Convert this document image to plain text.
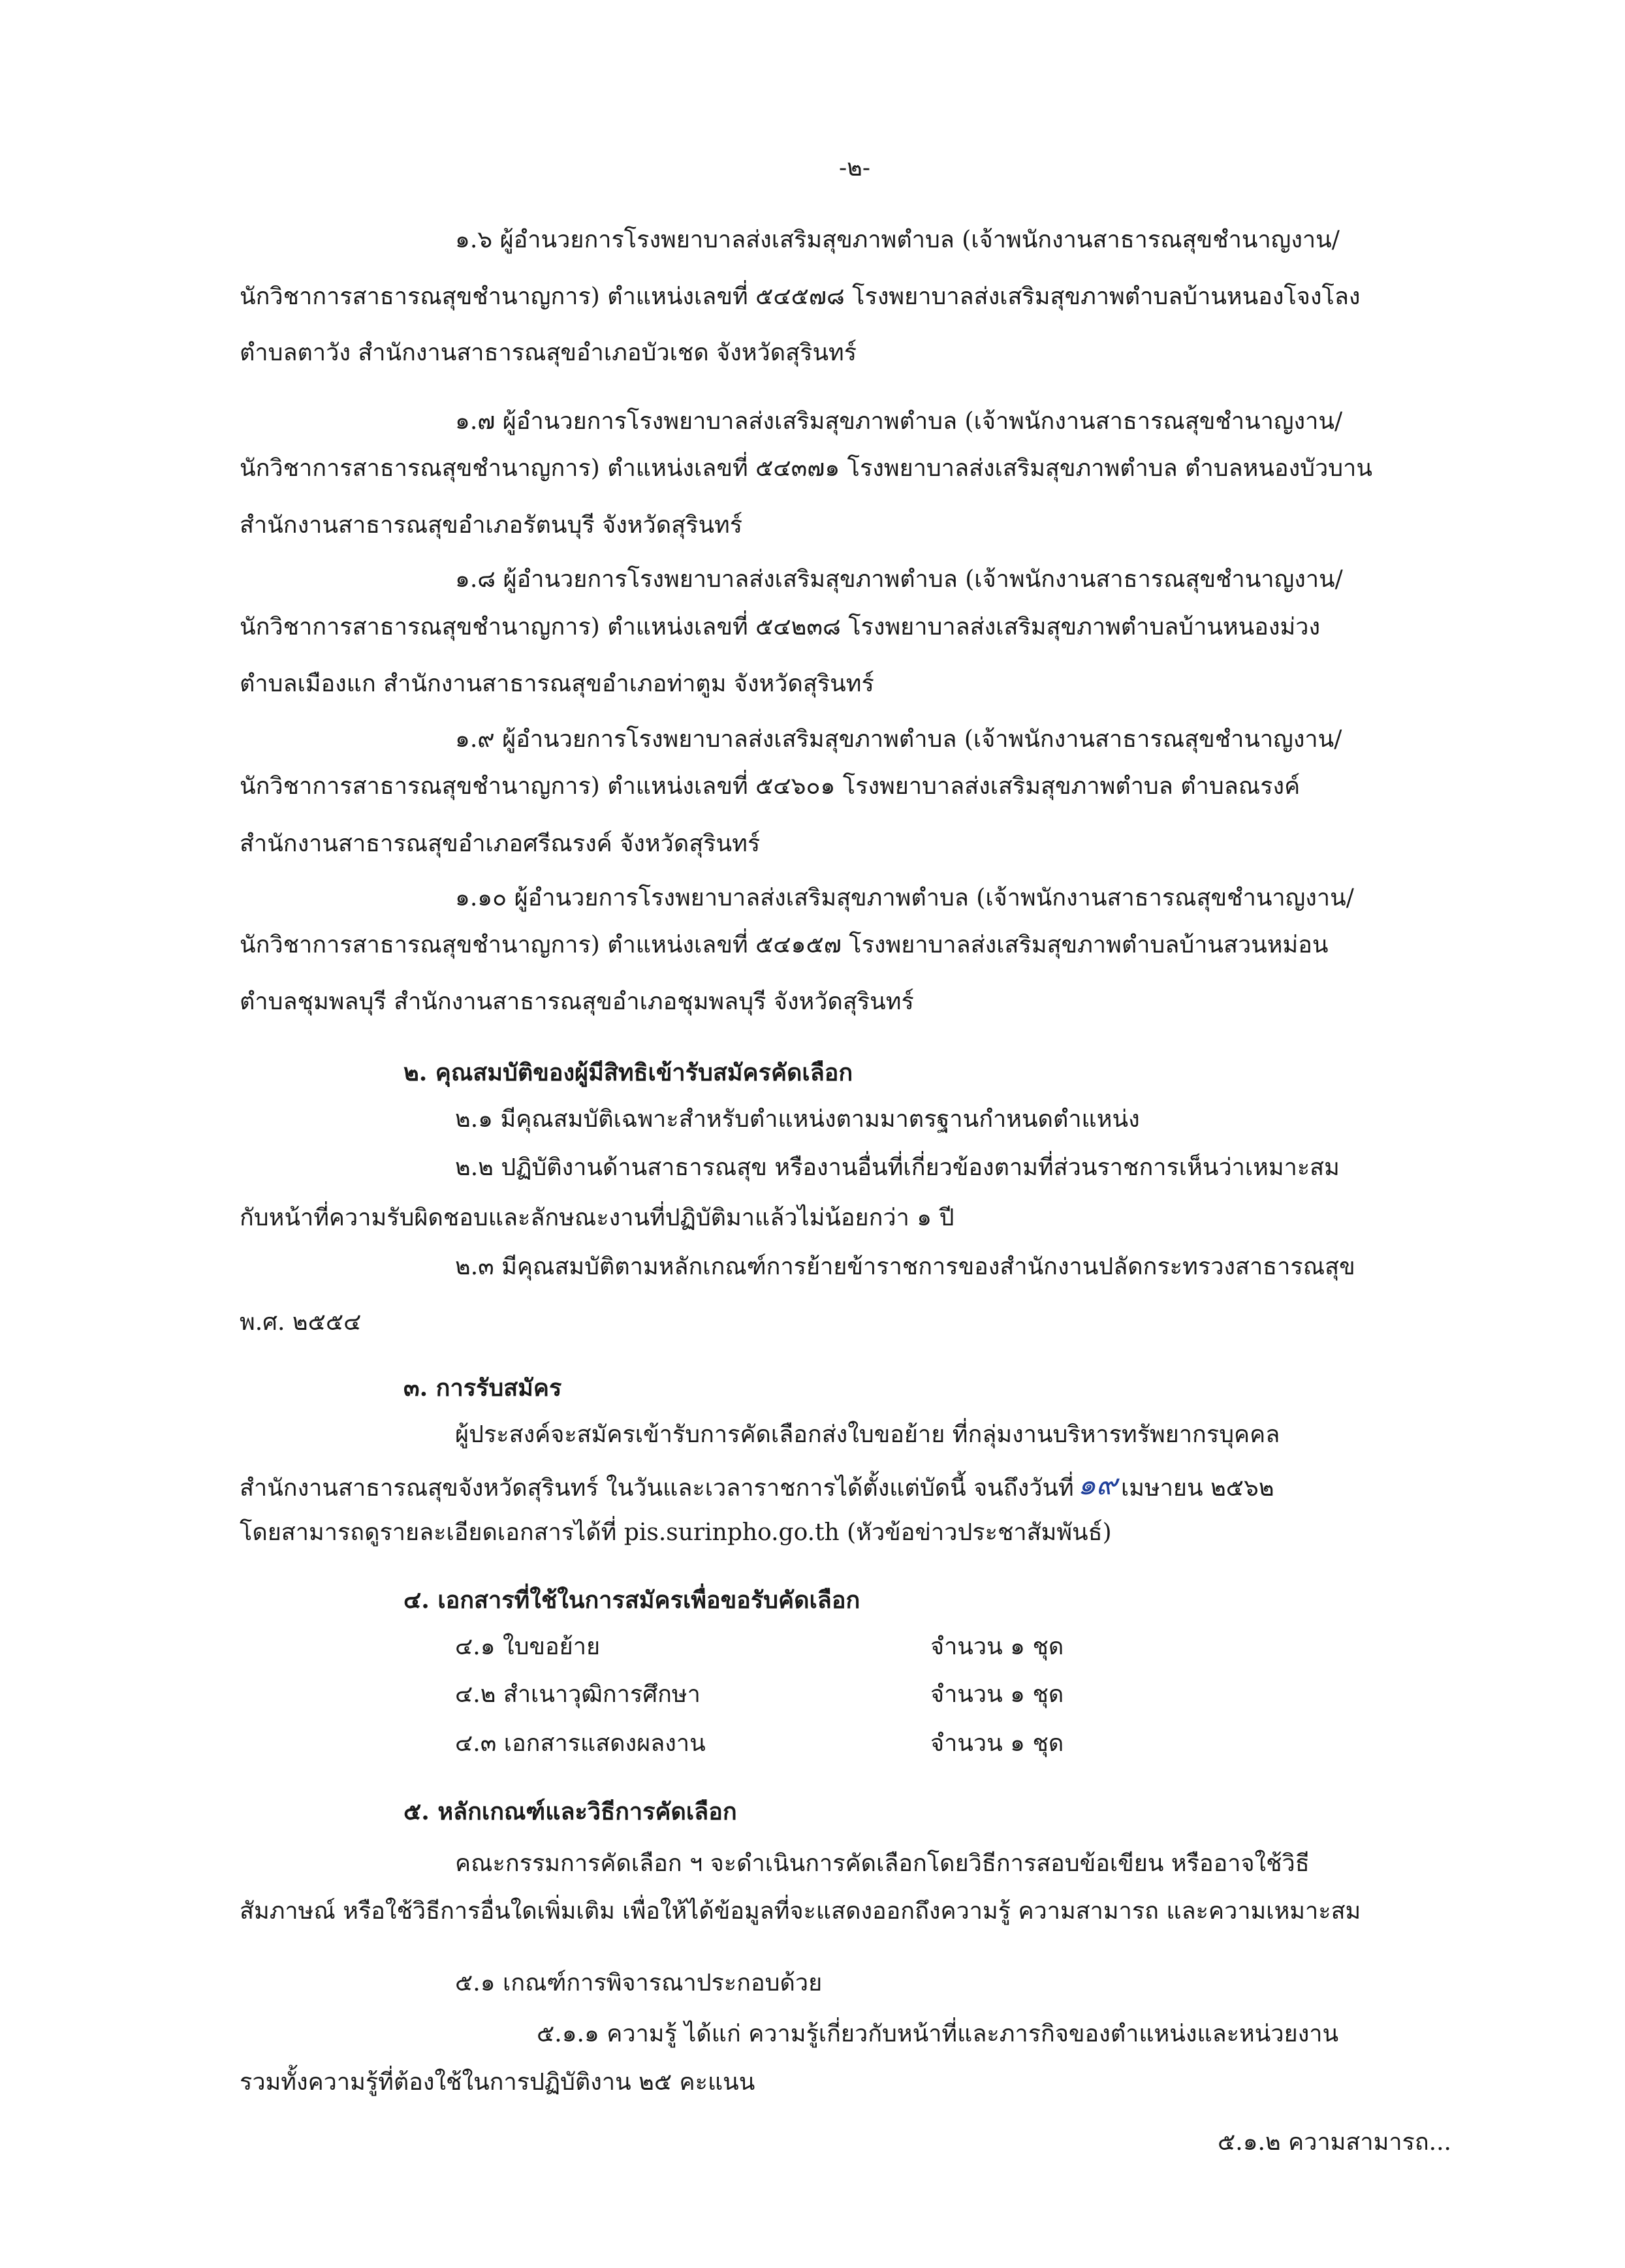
-๒-
๑.๖ ผู้อำนวยการโรงพยาบาลส่งเสริมสุขภาพตำบล (เจ้าพนักงานสาธารณสุขชำนาญงาน/
นักวิชาการสาธารณสุขชำนาญการ) ตำแหน่งเลขที่ ๕๔๕๗๘ โรงพยาบาลส่งเสริมสุขภาพตำบลบ้านหนองโจงโลง
ตำบลตาวัง สำนักงานสาธารณสุขอำเภอบัวเชด จังหวัดสุรินทร์
๑.๗ ผู้อำนวยการโรงพยาบาลส่งเสริมสุขภาพตำบล (เจ้าพนักงานสาธารณสุขชำนาญงาน/
นักวิชาการสาธารณสุขชำนาญการ) ตำแหน่งเลขที่ ๕๔๓๗๑ โรงพยาบาลส่งเสริมสุขภาพตำบล ตำบลหนองบัวบาน
สำนักงานสาธารณสุขอำเภอรัตนบุรี จังหวัดสุรินทร์
๑.๘ ผู้อำนวยการโรงพยาบาลส่งเสริมสุขภาพตำบล (เจ้าพนักงานสาธารณสุขชำนาญงาน/
นักวิชาการสาธารณสุขชำนาญการ) ตำแหน่งเลขที่ ๕๔๒๓๘ โรงพยาบาลส่งเสริมสุขภาพตำบลบ้านหนองม่วง
ตำบลเมืองแก สำนักงานสาธารณสุขอำเภอท่าตูม จังหวัดสุรินทร์
๑.๙ ผู้อำนวยการโรงพยาบาลส่งเสริมสุขภาพตำบล (เจ้าพนักงานสาธารณสุขชำนาญงาน/
นักวิชาการสาธารณสุขชำนาญการ) ตำแหน่งเลขที่ ๕๔๖๐๑ โรงพยาบาลส่งเสริมสุขภาพตำบล ตำบลณรงค์
สำนักงานสาธารณสุขอำเภอศรีณรงค์ จังหวัดสุรินทร์
๑.๑๐ ผู้อำนวยการโรงพยาบาลส่งเสริมสุขภาพตำบล (เจ้าพนักงานสาธารณสุขชำนาญงาน/
นักวิชาการสาธารณสุขชำนาญการ) ตำแหน่งเลขที่ ๕๔๑๕๗ โรงพยาบาลส่งเสริมสุขภาพตำบลบ้านสวนหม่อน
ตำบลชุมพลบุรี สำนักงานสาธารณสุขอำเภอชุมพลบุรี จังหวัดสุรินทร์
๒. คุณสมบัติของผู้มีสิทธิเข้ารับสมัครคัดเลือก
๒.๑ มีคุณสมบัติเฉพาะสำหรับตำแหน่งตามมาตรฐานกำหนดตำแหน่ง
๒.๒ ปฏิบัติงานด้านสาธารณสุข หรืองานอื่นที่เกี่ยวข้องตามที่ส่วนราชการเห็นว่าเหมาะสม
กับหน้าที่ความรับผิดชอบและลักษณะงานที่ปฏิบัติมาแล้วไม่น้อยกว่า ๑ ปี
๒.๓ มีคุณสมบัติตามหลักเกณฑ์การย้ายข้าราชการของสำนักงานปลัดกระทรวงสาธารณสุข
พ.ศ. ๒๕๕๔
๓. การรับสมัคร
ผู้ประสงค์จะสมัครเข้ารับการคัดเลือกส่งใบขอย้าย ที่กลุ่มงานบริหารทรัพยากรบุคคล
สำนักงานสาธารณสุขจังหวัดสุรินทร์ ในวันและเวลาราชการได้ตั้งแต่บัดนี้ จนถึงวันที่ ๑๙ เมษายน ๒๕๖๒
โดยสามารถดูรายละเอียดเอกสารได้ที่ pis.surinpho.go.th (หัวข้อข่าวประชาสัมพันธ์)
๔. เอกสารที่ใช้ในการสมัครเพื่อขอรับคัดเลือก
๔.๑ ใบขอย้าย	จำนวน ๑ ชุด
๔.๒ สำเนาวุฒิการศึกษา	จำนวน ๑ ชุด
๔.๓ เอกสารแสดงผลงาน	จำนวน ๑ ชุด
๕. หลักเกณฑ์และวิธีการคัดเลือก
คณะกรรมการคัดเลือก ฯ จะดำเนินการคัดเลือกโดยวิธีการสอบข้อเขียน หรืออาจใช้วิธี
สัมภาษณ์ หรือใช้วิธีการอื่นใดเพิ่มเติม เพื่อให้ได้ข้อมูลที่จะแสดงออกถึงความรู้ ความสามารถ และความเหมาะสม
๕.๑ เกณฑ์การพิจารณาประกอบด้วย
๕.๑.๑ ความรู้ ได้แก่ ความรู้เกี่ยวกับหน้าที่และภารกิจของตำแหน่งและหน่วยงาน
รวมทั้งความรู้ที่ต้องใช้ในการปฏิบัติงาน ๒๕ คะแนน
๕.๑.๒ ความสามารถ...
